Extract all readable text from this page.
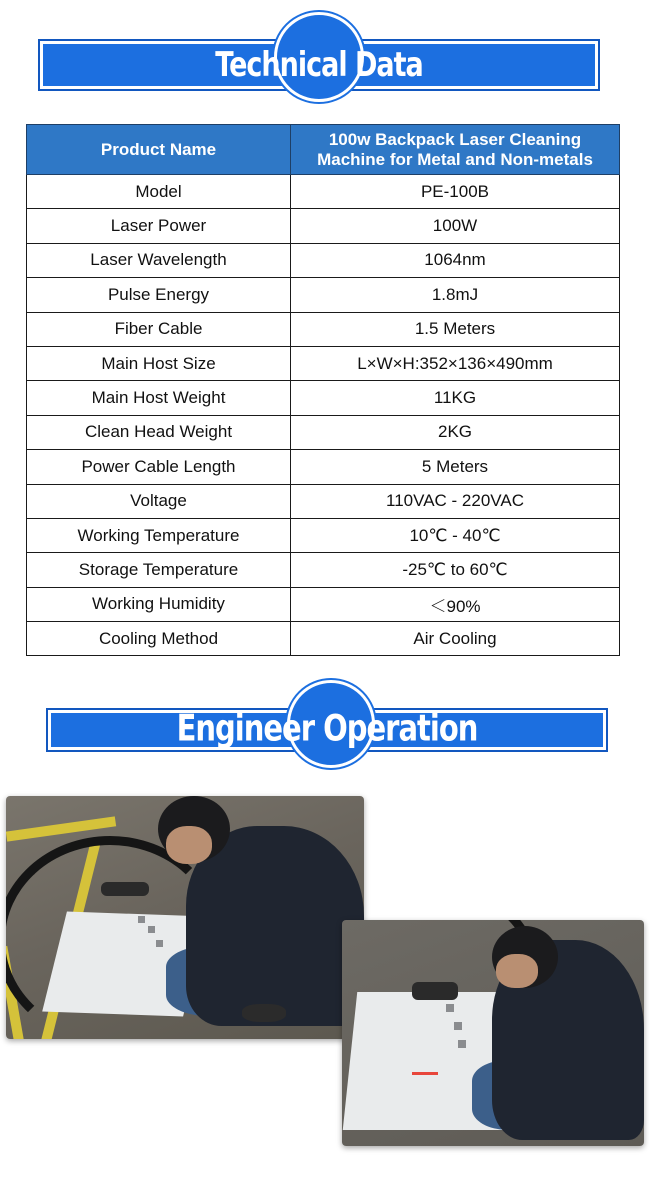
Technical Data
Product Name	100w Backpack Laser Cleaning
Machine for Metal and Non-metals
Model	PE-100B
Laser Power	100W
Laser Wavelength	1064nm
Pulse Energy	1.8mJ
Fiber Cable	1.5 Meters
Main Host Size	L×W×H:352×136×490mm
Main Host Weight	11KG
Clean Head Weight	2KG
Power Cable Length	5 Meters
Voltage	110VAC - 220VAC
Working Temperature	10℃ - 40℃
Storage Temperature	-25℃ to 60℃
Working Humidity	＜90%
Cooling Method	Air Cooling
Engineer Operation
